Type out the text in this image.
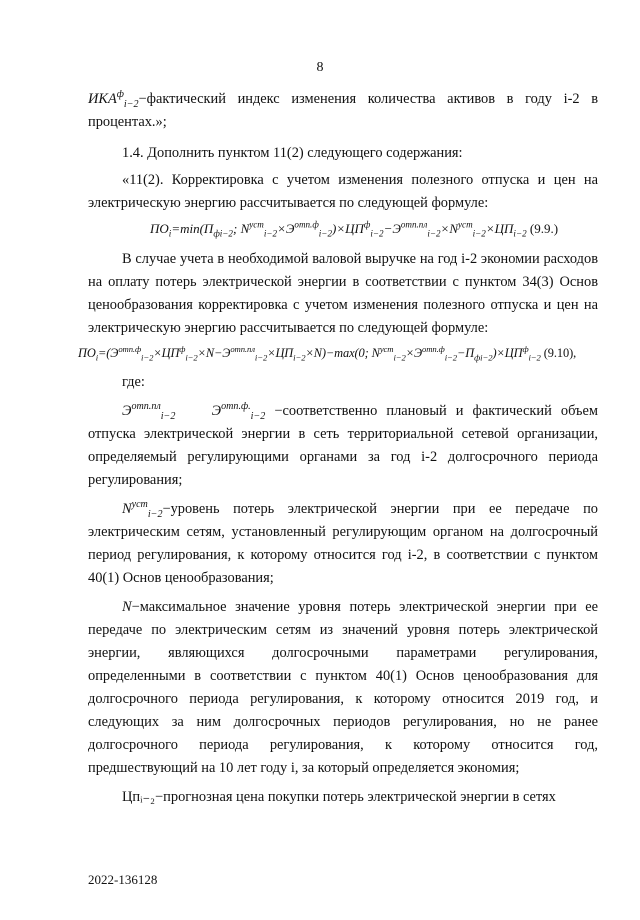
8

$ИКА^ф_{i-2}-фактический$ индекс изменения количества активов в году i-2 в процентах.»;

1.4. Дополнить пунктом 11(2) следующего содержания:

«11(2). Корректировка с учетом изменения полезного отпуска и цен на электрическую энергию рассчитывается по следующей формуле:

$ПО_i=\min(П_{фi-2}$; $N^{уст}_{i-2}\times Э^{отп.ф}_{i-2})\times ЦП^ф_{i-2}-Э^{отп.пл}_{i-2}\times N^{уст}_{i-2}\times ЦП_{i-2}$ (9.9.)

В случае учета в необходимой валовой выручке на год i-2 экономии расходов на оплату потерь электрической энергии в соответствии с пунктом 34(3) Основ ценообразования корректировка с учетом изменения полезного отпуска и цен на электрическую энергию рассчитывается по следующей формуле:

$ПО_i=(Э^{отп.ф}_{i-2}\times ЦП^ф_{i-2}\times N-Э^{отп.пл}_{i-2}\times ЦП_{i-2}\times N)-\max(0$; $N^{уст}_{i-2}\times Э^{отп.ф}_{i-2}-П_{фi-2})\times ЦП^ф_{i-2}$ (9.10),

где:

$Э^{отп.пл}_{i-2}$    $Э^{отп.ф.}_{i-2}$ −соответственно плановый и фактический объем отпуска электрической энергии в сеть территориальной сетевой организации, определяемый регулирующими органами за год i-2 долгосрочного периода регулирования;

$N^{уст}_{i-2}-уровень$ потерь электрической энергии при ее передаче по электрическим сетям, установленный регулирующим органом на долгосрочный период регулирования, к которому относится год i-2, в соответствии с пунктом 40(1) Основ ценообразования;

N−максимальное значение уровня потерь электрической энергии при ее передаче по электрическим сетям из значений уровня потерь электрической энергии, являющихся долгосрочными параметрами регулирования, определенными в соответствии с пунктом 40(1) Основ ценообразования для долгосрочного периода регулирования, к которому относится 2019 год, и следующих за ним долгосрочных периодов регулирования, но не ранее долгосрочного периода регулирования, к которому относится год, предшествующий на 10 лет году i, за который определяется экономия;

Цпᵢ₋₂−прогнозная цена покупки потерь электрической энергии в сетях

2022-136128
